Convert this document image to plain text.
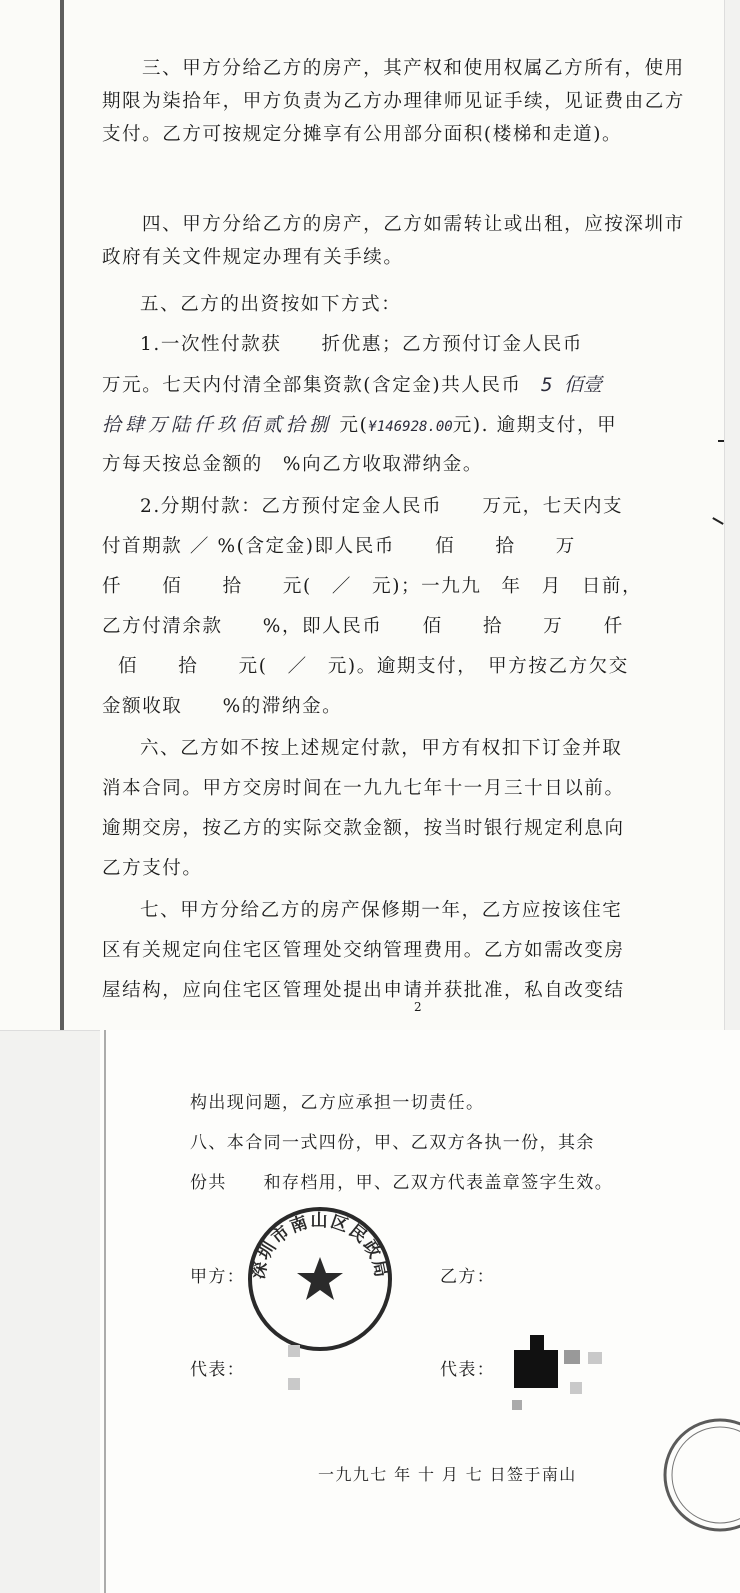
三、甲方分给乙方的房产，其产权和使用权属乙方所有，使用期限为柒拾年，甲方负责为乙方办理律师见证手续，见证费由乙方支付。乙方可按规定分摊享有公用部分面积(楼梯和走道)。

四、甲方分给乙方的房产，乙方如需转让或出租，应按深圳市政府有关文件规定办理有关手续。

五、乙方的出资按如下方式：
1.一次性付款获　　折优惠；乙方预付订金人民币
万元。七天内付清全部集资款(含定金)共人民币 5 佰壹
拾肆万陆仟玖佰贰拾捌 元(¥146928.00元). 逾期支付，甲
方每天按总金额的　%向乙方收取滞纳金。
2.分期付款：乙方预付定金人民币　　万元，七天内支
付首期款 ／ %(含定金)即人民币　　佰　　拾　　万
仟　　佰　　拾　　元(　／　元)；一九九　年　月　日前，
乙方付清余款　　%，即人民币　　佰　　拾　　万　　仟
佰　　拾　　元(　／　元)。逾期支付，　甲方按乙方欠交
金额收取　　%的滞纳金。
六、乙方如不按上述规定付款，甲方有权扣下订金并取
消本合同。甲方交房时间在一九九七年十一月三十日以前。
逾期交房，按乙方的实际交款金额，按当时银行规定利息向
乙方支付。
七、甲方分给乙方的房产保修期一年，乙方应按该住宅
区有关规定向住宅区管理处交纳管理费用。乙方如需改变房
屋结构，应向住宅区管理处提出申请并获批准，私自改变结
2
构出现问题，乙方应承担一切责任。
八、本合同一式四份，甲、乙双方各执一份，其余
份共　　和存档用，甲、乙双方代表盖章签字生效。
甲方：	乙方：
代表：	代表：
深圳市南山区民政局
一九九七 年 十 月 七 日签于南山
